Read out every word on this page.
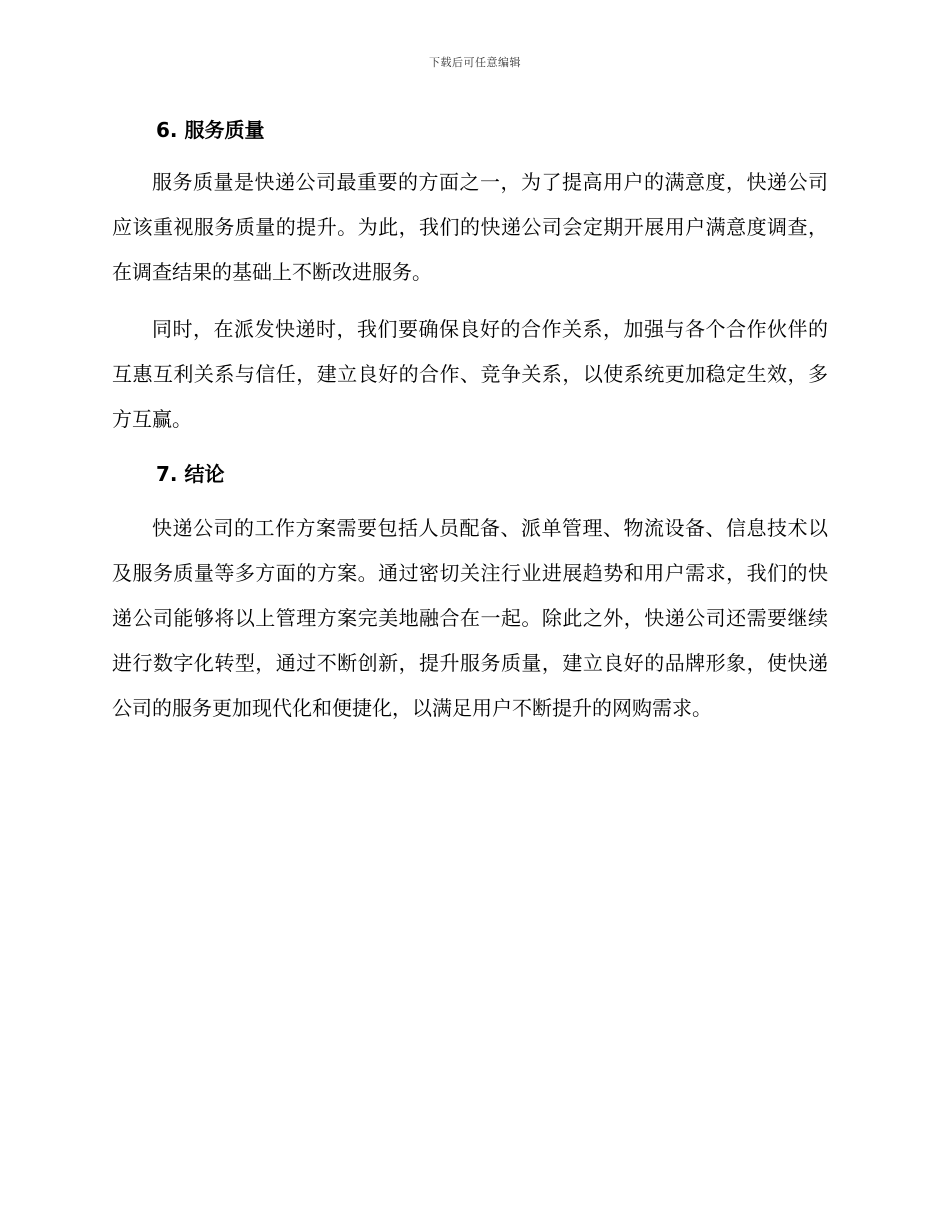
下载后可任意编辑
6. 服务质量

服务质量是快递公司最重要的方面之一，为了提高用户的满意度，快递公司应该重视服务质量的提升。为此，我们的快递公司会定期开展用户满意度调查，在调查结果的基础上不断改进服务。

同时，在派发快递时，我们要确保良好的合作关系，加强与各个合作伙伴的互惠互利关系与信任，建立良好的合作、竞争关系，以使系统更加稳定生效，多方互赢。

7. 结论

快递公司的工作方案需要包括人员配备、派单管理、物流设备、信息技术以及服务质量等多方面的方案。通过密切关注行业进展趋势和用户需求，我们的快递公司能够将以上管理方案完美地融合在一起。除此之外，快递公司还需要继续进行数字化转型，通过不断创新，提升服务质量，建立良好的品牌形象，使快递公司的服务更加现代化和便捷化，以满足用户不断提升的网购需求。
